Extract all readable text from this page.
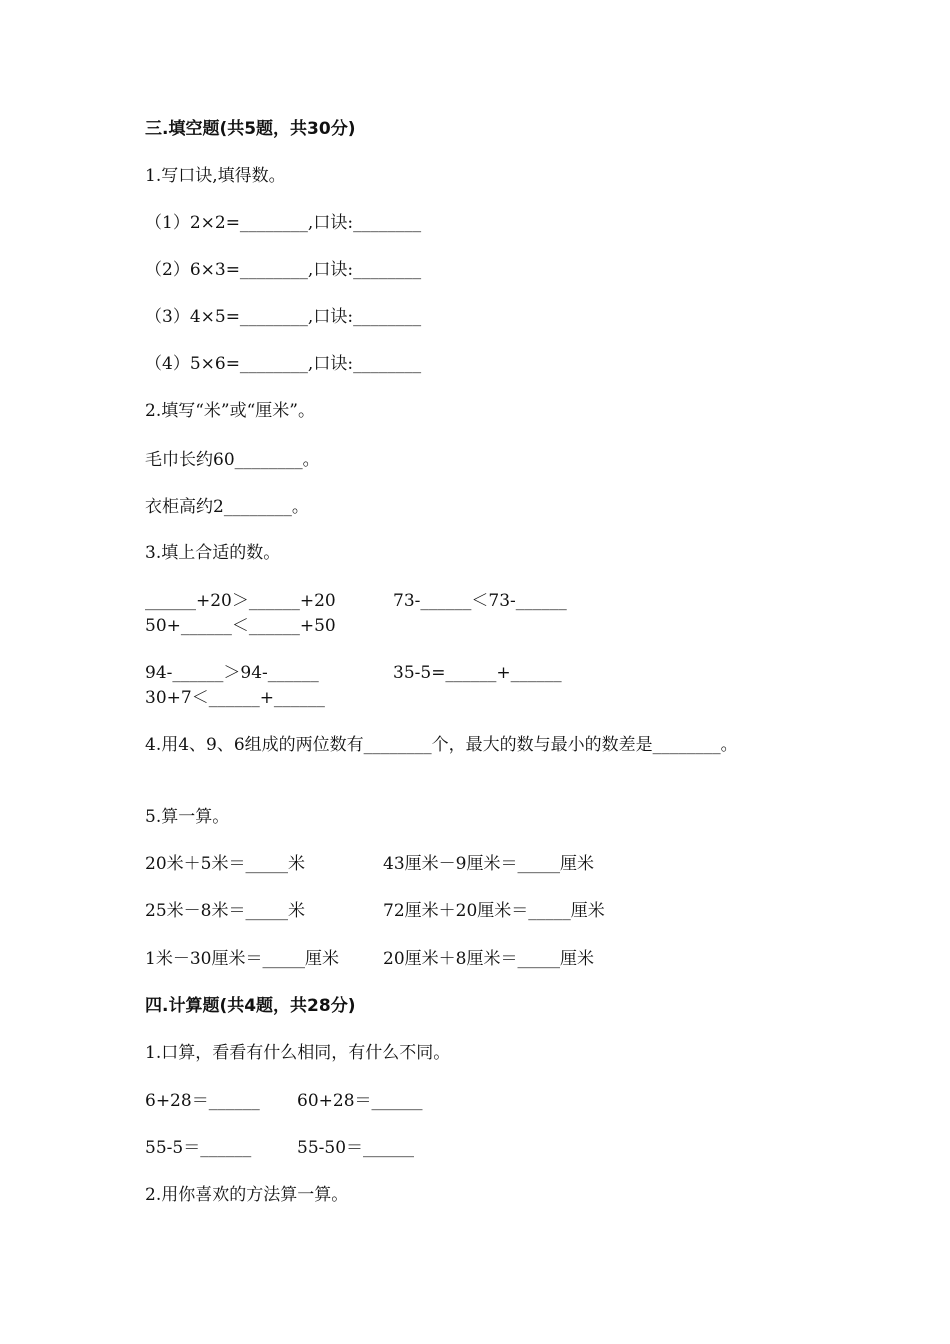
三.填空题(共5题，共30分)
1.写口诀,填得数。
（1）2×2=________,口诀:________
（2）6×3=________,口诀:________
（3）4×5=________,口诀:________
（4）5×6=________,口诀:________
2.填写“米”或“厘米”。
毛巾长约60________。
衣柜高约2________。
3.填上合适的数。
______+20＞______+20	73-______＜73-______
50+______＜______+50
94-______＞94-______	35-5=______+______
30+7＜______+______
4.用4、9、6组成的两位数有________个，最大的数与最小的数差是________。
5.算一算。
20米＋5米＝_____米	43厘米－9厘米＝_____厘米
25米－8米＝_____米	72厘米＋20厘米＝_____厘米
1米－30厘米＝_____厘米	20厘米＋8厘米＝_____厘米
四.计算题(共4题，共28分)
1.口算，看看有什么相同，有什么不同。
6+28＝______ 60+28＝______
55-5＝______	55-50＝______
2.用你喜欢的方法算一算。
